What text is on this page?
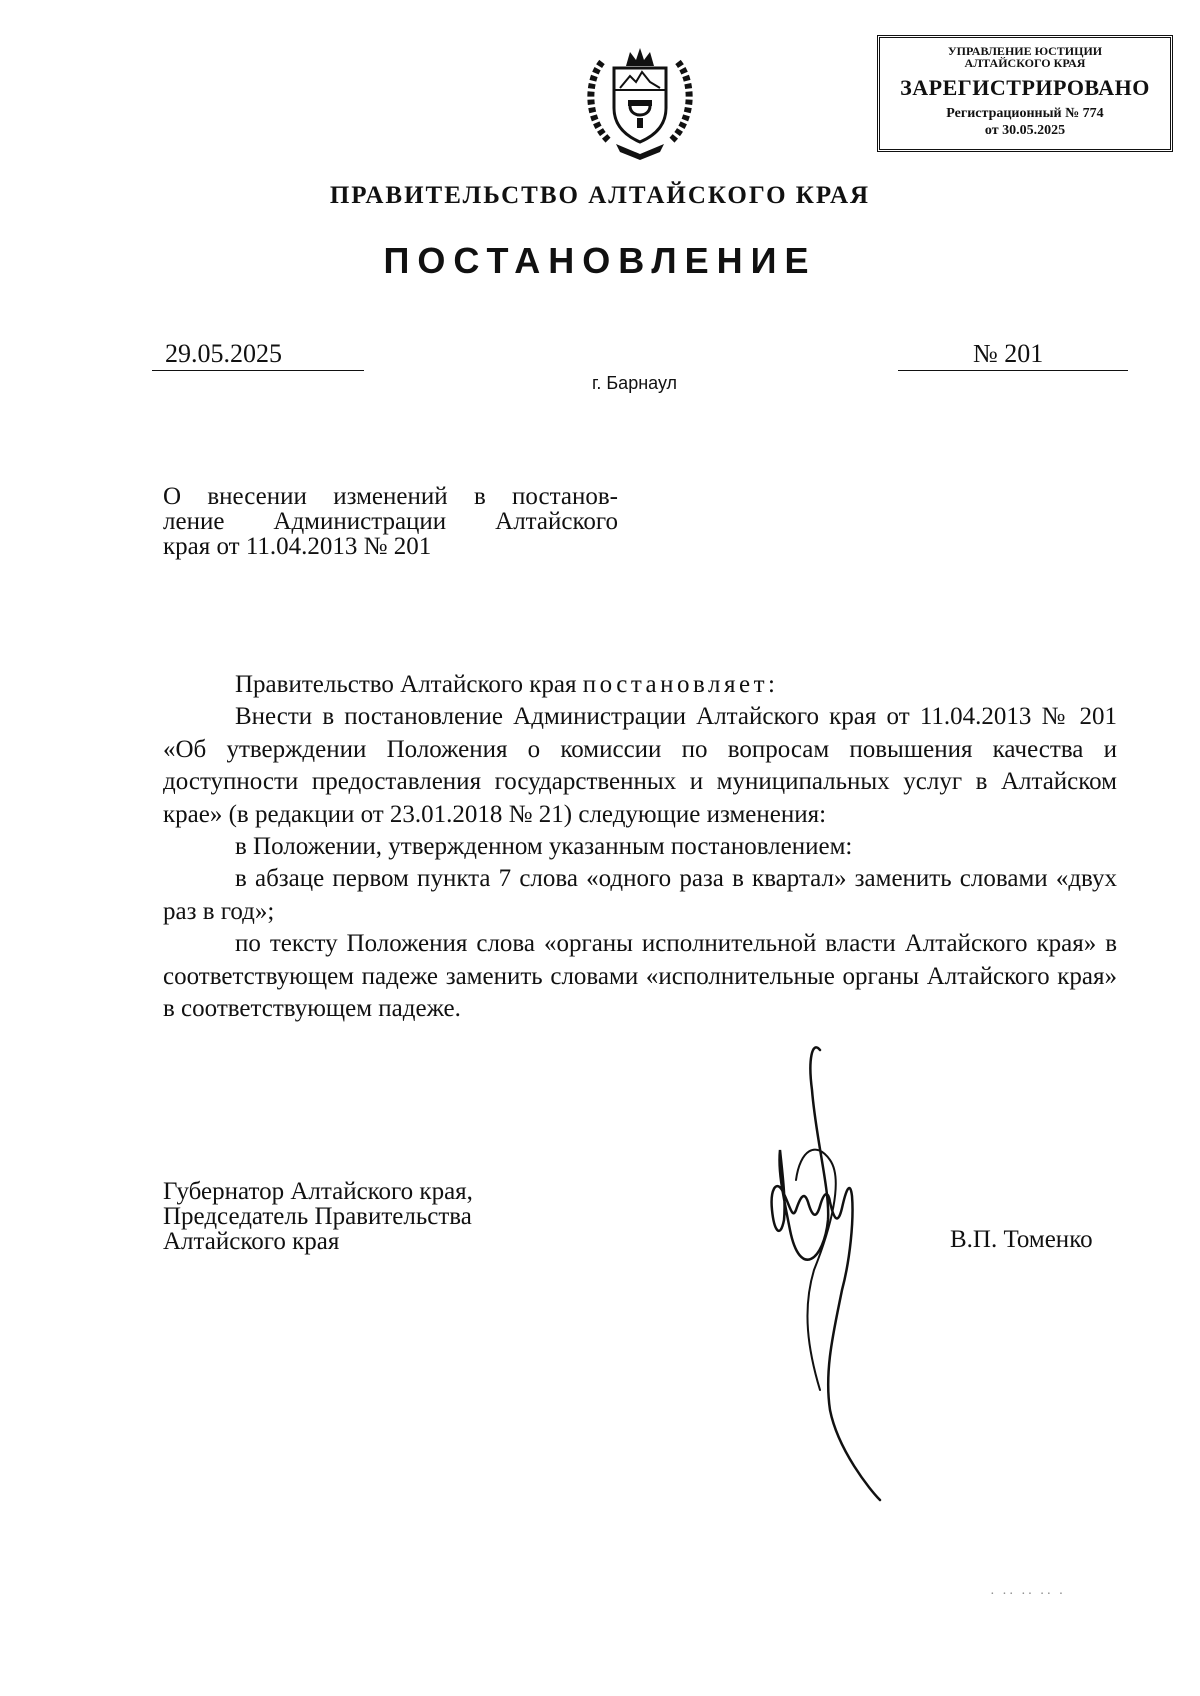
УПРАВЛЕНИЕ ЮСТИЦИИ
АЛТАЙСКОГО КРАЯ
ЗАРЕГИСТРИРОВАНО
Регистрационный № 774
от 30.05.2025
ПРАВИТЕЛЬСТВО АЛТАЙСКОГО КРАЯ
ПОСТАНОВЛЕНИЕ
29.05.2025	№ 201
г. Барнаул
О внесении изменений в постанов-
ление Администрации Алтайского
края от 11.04.2013 № 201

Правительство Алтайского края постановляет:

Внести в постановление Администрации Алтайского края от 11.04.2013 № 201 «Об утверждении Положения о комиссии по вопросам повышения качества и доступности предоставления государственных и муниципальных услуг в Алтайском крае» (в редакции от 23.01.2018 № 21) следующие изменения:

в Положении, утвержденном указанным постановлением:

в абзаце первом пункта 7 слова «одного раза в квартал» заменить словами «двух раз в год»;

по тексту Положения слова «органы исполнительной власти Алтайского края» в соответствующем падеже заменить словами «исполнительные органы Алтайского края» в соответствующем падеже.

Губернатор Алтайского края,
Председатель Правительства
Алтайского края	В.П. Томенко
· ·· ·· ·· ·
